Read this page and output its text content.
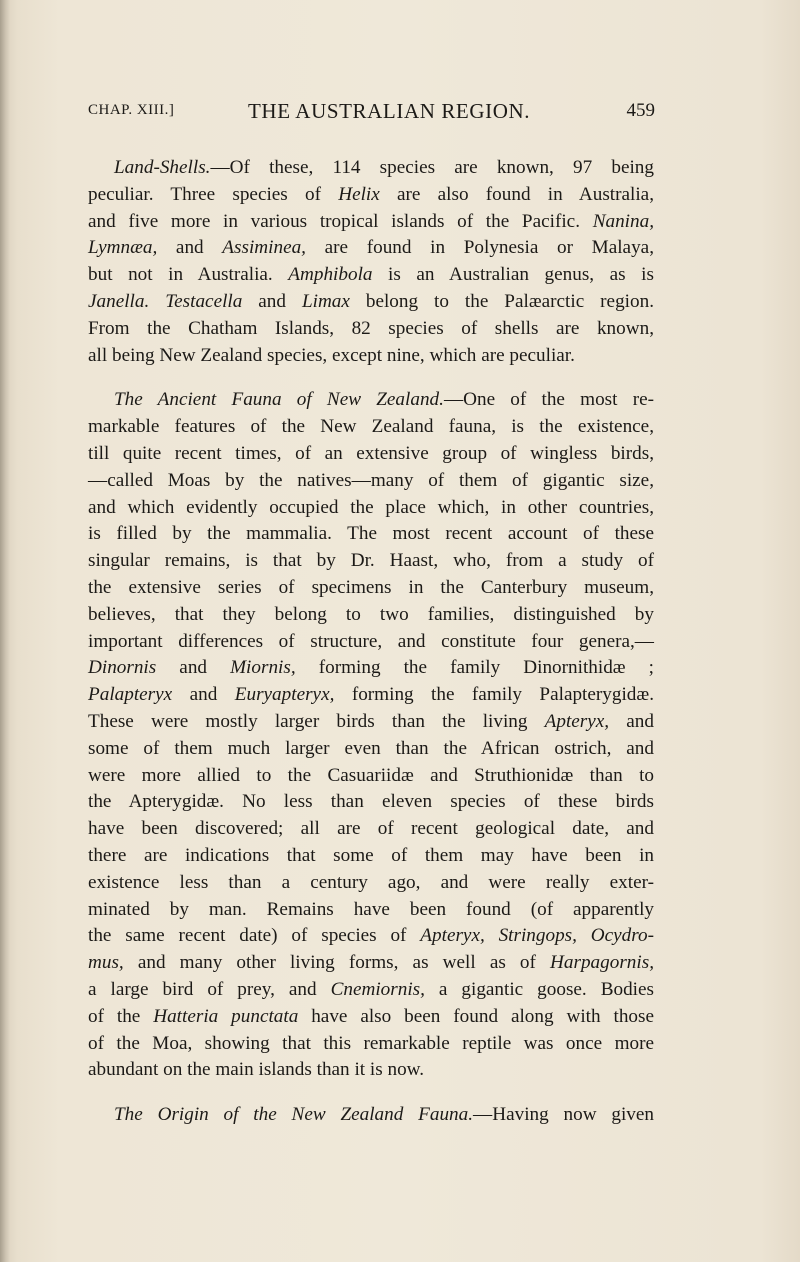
CHAP. XIII.]	THE AUSTRALIAN REGION.	459
Land-Shells.—Of these, 114 species are known, 97 being
peculiar. Three species of Helix are also found in Australia,
and five more in various tropical islands of the Pacific. Nanina,
Lymnæa, and Assiminea, are found in Polynesia or Malaya,
but not in Australia. Amphibola is an Australian genus, as is
Janella. Testacella and Limax belong to the Palæarctic region.
From the Chatham Islands, 82 species of shells are known,
all being New Zealand species, except nine, which are peculiar.
The Ancient Fauna of New Zealand.—One of the most re-
markable features of the New Zealand fauna, is the existence,
till quite recent times, of an extensive group of wingless birds,
—called Moas by the natives—many of them of gigantic size,
and which evidently occupied the place which, in other countries,
is filled by the mammalia. The most recent account of these
singular remains, is that by Dr. Haast, who, from a study of
the extensive series of specimens in the Canterbury museum,
believes, that they belong to two families, distinguished by
important differences of structure, and constitute four genera,—
Dinornis and Miornis, forming the family Dinornithidæ ;
Palapteryx and Euryapteryx, forming the family Palapterygidæ.
These were mostly larger birds than the living Apteryx, and
some of them much larger even than the African ostrich, and
were more allied to the Casuariidæ and Struthionidæ than to
the Apterygidæ. No less than eleven species of these birds
have been discovered; all are of recent geological date, and
there are indications that some of them may have been in
existence less than a century ago, and were really exter-
minated by man. Remains have been found (of apparently
the same recent date) of species of Apteryx, Stringops, Ocydro-
mus, and many other living forms, as well as of Harpagornis,
a large bird of prey, and Cnemiornis, a gigantic goose. Bodies
of the Hatteria punctata have also been found along with those
of the Moa, showing that this remarkable reptile was once more
abundant on the main islands than it is now.
The Origin of the New Zealand Fauna.—Having now given
